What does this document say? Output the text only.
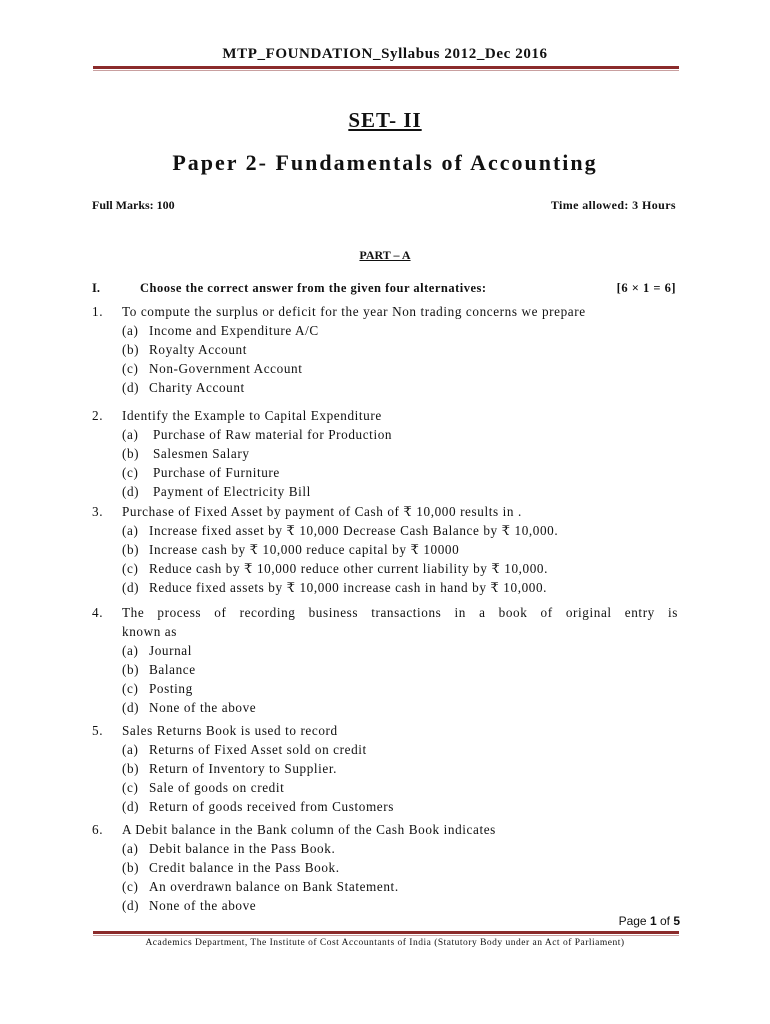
MTP_FOUNDATION_Syllabus 2012_Dec 2016
SET- II
Paper 2- Fundamentals of Accounting
Full Marks: 100	Time allowed: 3 Hours
PART – A
I.	Choose the correct answer from the given four alternatives:	[6 × 1 = 6]
1. To compute the surplus or deficit for the year Non trading concerns we prepare
(a) Income and Expenditure A/C
(b) Royalty Account
(c) Non-Government Account
(d) Charity Account
2. Identify the Example to Capital Expenditure
(a) Purchase of Raw material for Production
(b) Salesmen Salary
(c) Purchase of Furniture
(d) Payment of Electricity Bill
3. Purchase of Fixed Asset by payment of Cash of ₹ 10,000 results in .
(a) Increase fixed asset by ₹ 10,000 Decrease Cash Balance by ₹ 10,000.
(b) Increase cash by ₹ 10,000 reduce capital by ₹ 10000
(c) Reduce cash by ₹ 10,000 reduce other current liability by ₹ 10,000.
(d) Reduce fixed assets by ₹ 10,000 increase cash in hand by ₹ 10,000.
4. The process of recording business transactions in a book of original entry is
known as
(a) Journal
(b) Balance
(c) Posting
(d) None of the above
5. Sales Returns Book is used to record
(a) Returns of Fixed Asset sold on credit
(b) Return of Inventory to Supplier.
(c) Sale of goods on credit
(d) Return of goods received from Customers
6. A Debit balance in the Bank column of the Cash Book indicates
(a) Debit balance in the Pass Book.
(b) Credit balance in the Pass Book.
(c) An overdrawn balance on Bank Statement.
(d) None of the above
Page 1 of 5
Academics Department, The Institute of Cost Accountants of India (Statutory Body under an Act of Parliament)
